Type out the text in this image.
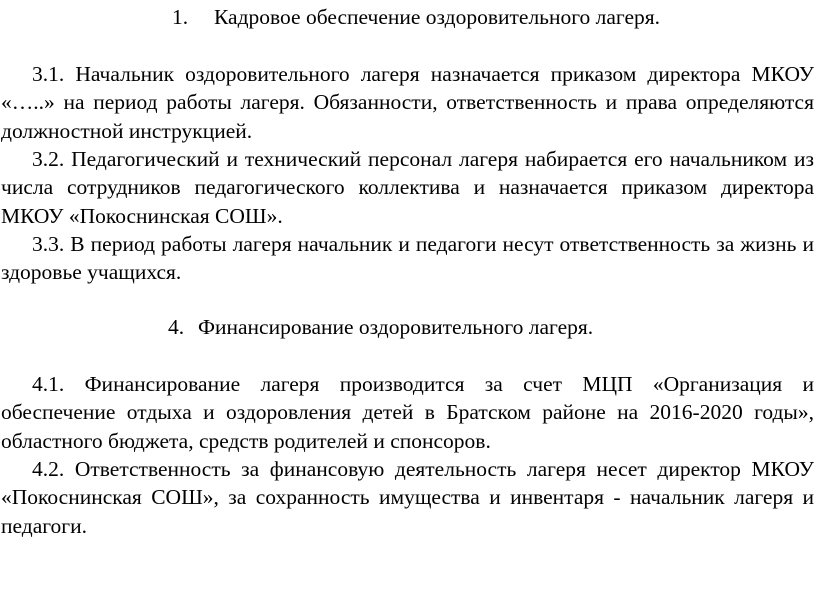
1. Кадровое обеспечение оздоровительного лагеря.

3.1. Начальник оздоровительного лагеря назначается приказом директора МКОУ «…..» на период работы лагеря. Обязанности, ответственность и права определяются должностной инструкцией.

3.2. Педагогический и технический персонал лагеря набирается его начальником из числа сотрудников педагогического коллектива и назначается приказом директора МКОУ «Покоснинская СОШ».

3.3. В период работы лагеря начальник и педагоги несут ответственность за жизнь и здоровье учащихся.

4. Финансирование оздоровительного лагеря.

4.1. Финансирование лагеря производится за счет МЦП «Организация и обеспечение отдыха и оздоровления детей в Братском районе на 2016-2020 годы», областного бюджета, средств родителей и спонсоров.

4.2. Ответственность за финансовую деятельность лагеря несет директор МКОУ «Покоснинская СОШ», за сохранность имущества и инвентаря - начальник лагеря и педагоги.
